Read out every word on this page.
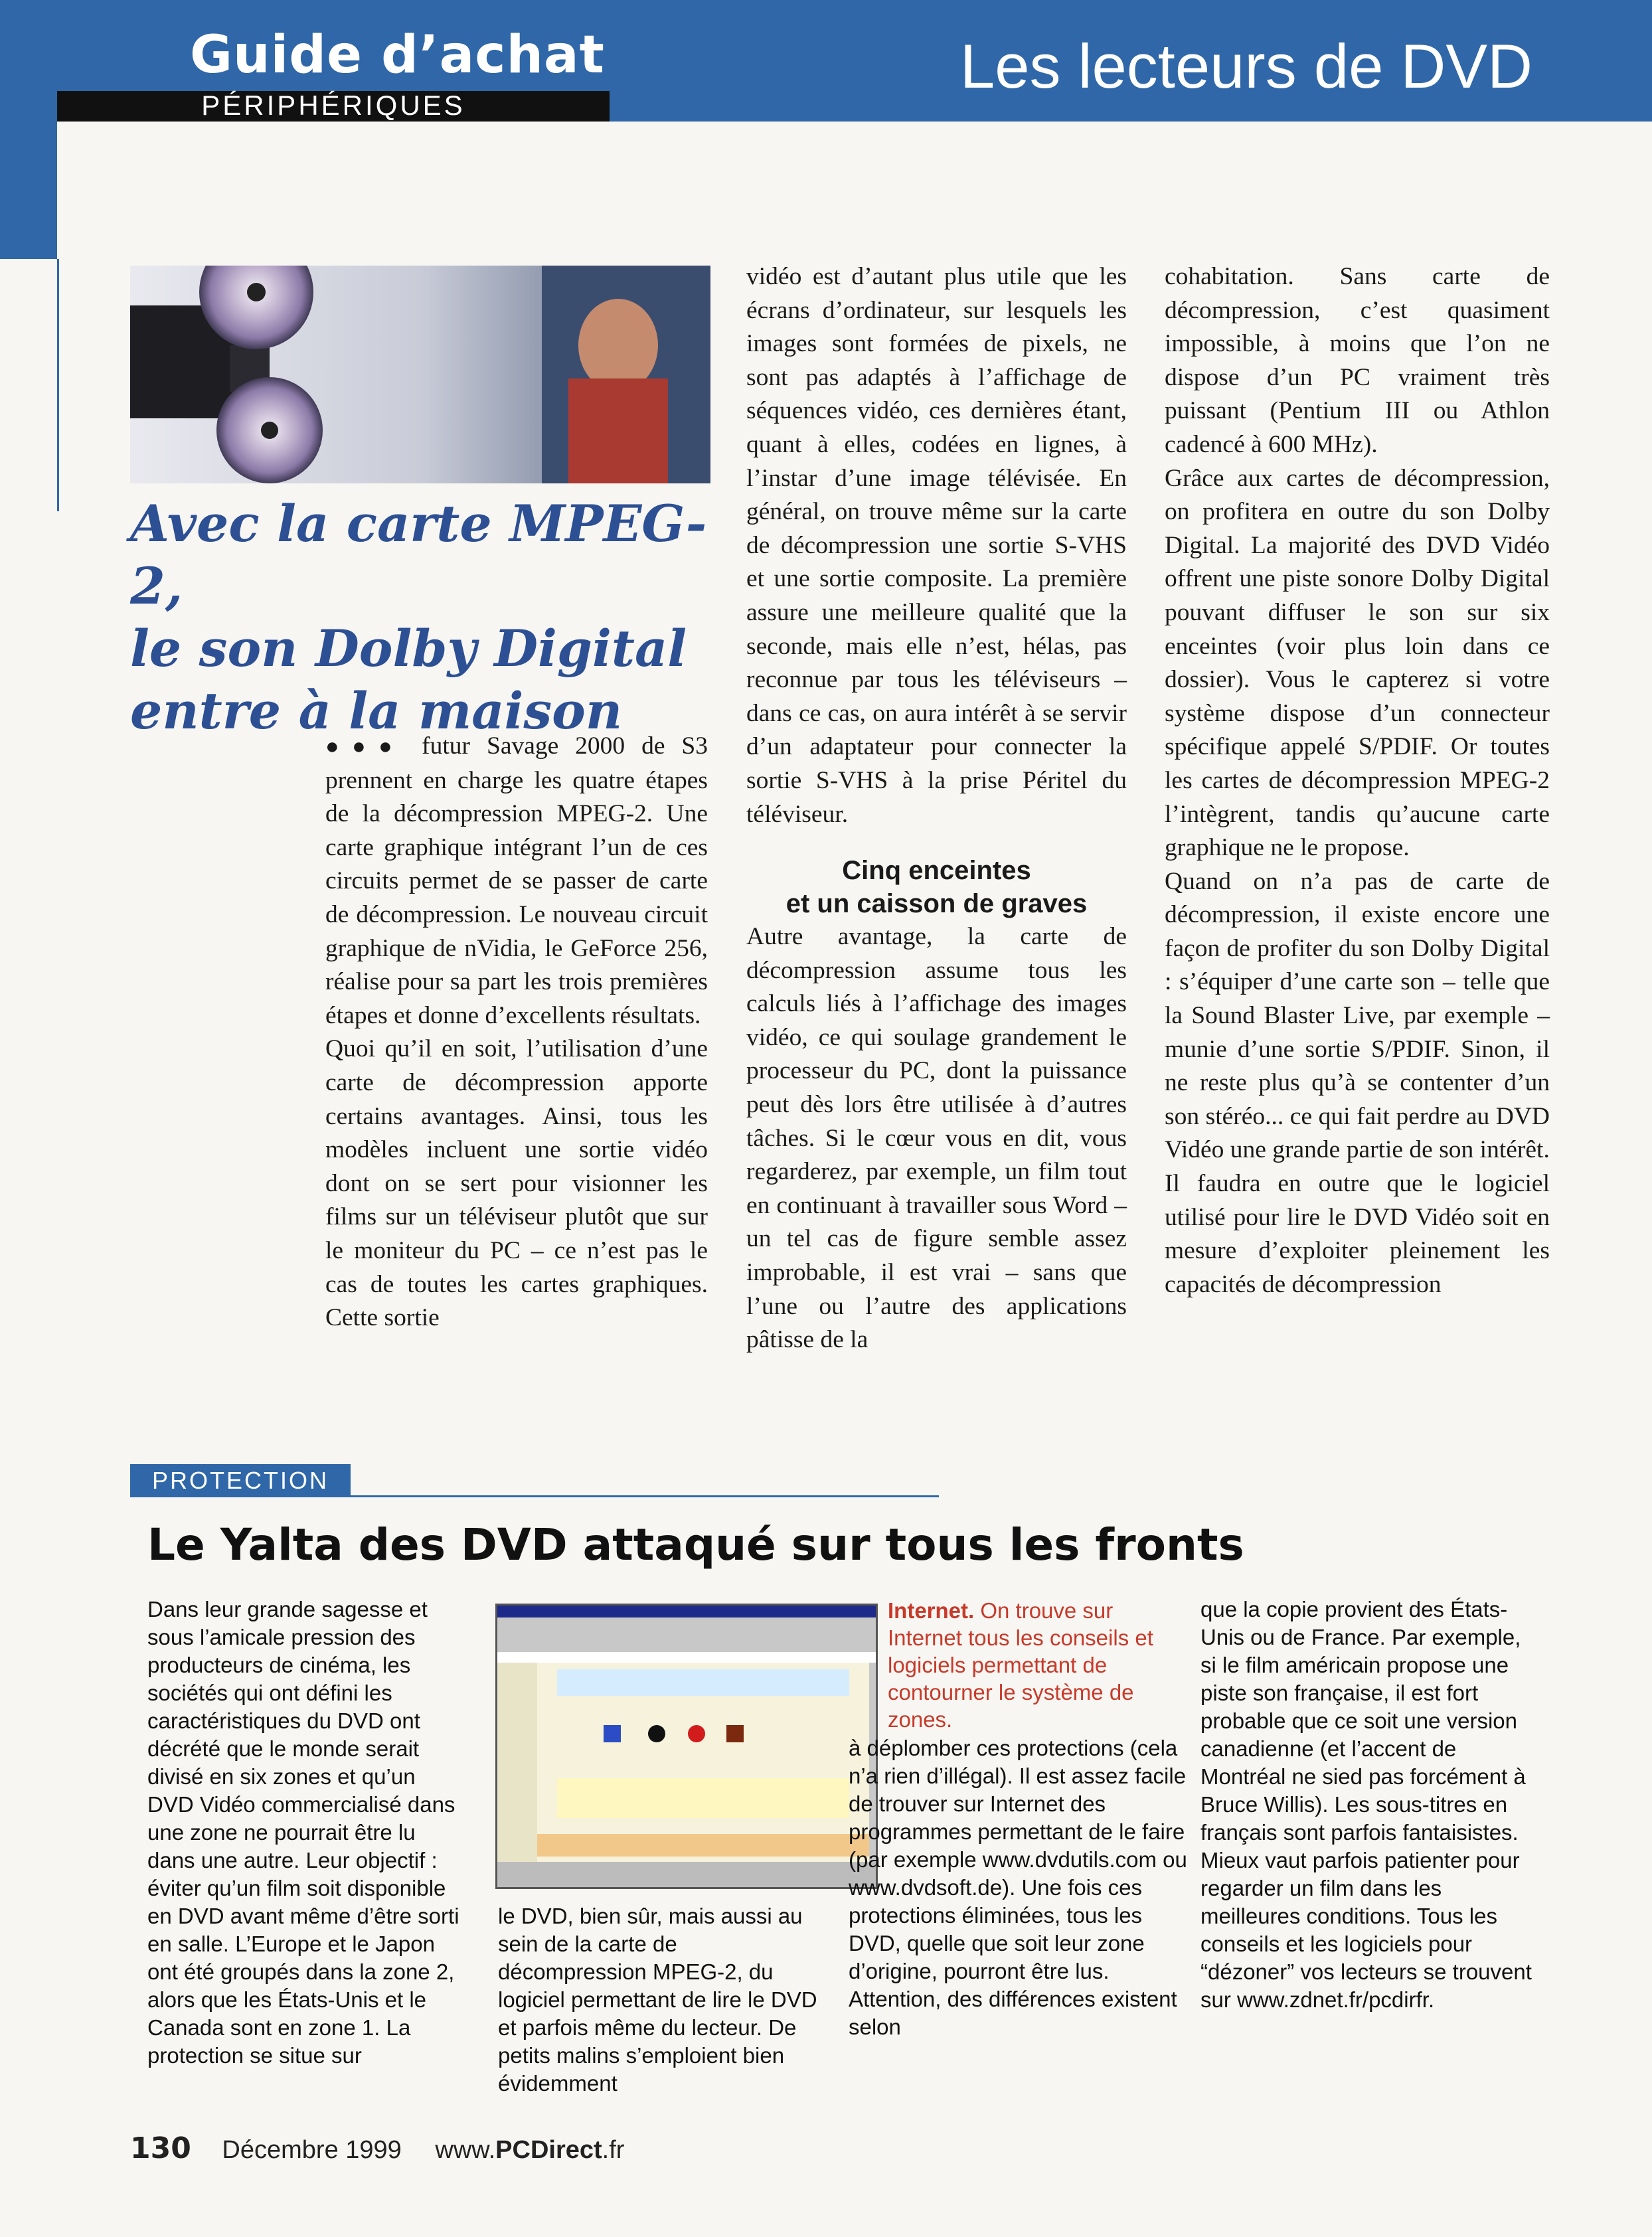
Guide d’achat
PÉRIPHÉRIQUES
Les lecteurs de DVD
Avec la carte MPEG-2,
le son Dolby Digital
entre à la maison

●●● futur Savage 2000 de S3 prennent en charge les quatre étapes de la décompression MPEG-2. Une carte graphique intégrant l’un de ces circuits permet de se passer de carte de décompression. Le nouveau circuit graphique de nVidia, le GeForce 256, réalise pour sa part les trois premières étapes et donne d’excellents résultats.

Quoi qu’il en soit, l’utilisation d’une carte de décompression apporte certains avantages. Ainsi, tous les modèles incluent une sortie vidéo dont on se sert pour visionner les films sur un téléviseur plutôt que sur le moniteur du PC – ce n’est pas le cas de toutes les cartes graphiques. Cette sortie

vidéo est d’autant plus utile que les écrans d’ordinateur, sur lesquels les images sont formées de pixels, ne sont pas adaptés à l’affichage de séquences vidéo, ces dernières étant, quant à elles, codées en lignes, à l’instar d’une image télévisée. En général, on trouve même sur la carte de décompression une sortie S-VHS et une sortie composite. La première assure une meilleure qualité que la seconde, mais elle n’est, hélas, pas reconnue par tous les téléviseurs – dans ce cas, on aura intérêt à se servir d’un adaptateur pour connecter la sortie S-VHS à la prise Péritel du téléviseur.

Cinq enceintes
et un caisson de graves

Autre avantage, la carte de décompression assume tous les calculs liés à l’affichage des images vidéo, ce qui soulage grandement le processeur du PC, dont la puissance peut dès lors être utilisée à d’autres tâches. Si le cœur vous en dit, vous regarderez, par exemple, un film tout en continuant à travailler sous Word – un tel cas de figure semble assez improbable, il est vrai – sans que l’une ou l’autre des applications pâtisse de la

cohabitation. Sans carte de décompression, c’est quasiment impossible, à moins que l’on ne dispose d’un PC vraiment très puissant (Pentium III ou Athlon cadencé à 600 MHz).

Grâce aux cartes de décompression, on profitera en outre du son Dolby Digital. La majorité des DVD Vidéo offrent une piste sonore Dolby Digital pouvant diffuser le son sur six enceintes (voir plus loin dans ce dossier). Vous le capterez si votre système dispose d’un connecteur spécifique appelé S/PDIF. Or toutes les cartes de décompression MPEG-2 l’intègrent, tandis qu’aucune carte graphique ne le propose.

Quand on n’a pas de carte de décompression, il existe encore une façon de profiter du son Dolby Digital : s’équiper d’une carte son – telle que la Sound Blaster Live, par exemple – munie d’une sortie S/PDIF. Sinon, il ne reste plus qu’à se contenter d’un son stéréo... ce qui fait perdre au DVD Vidéo une grande partie de son intérêt.

Il faudra en outre que le logiciel utilisé pour lire le DVD Vidéo soit en mesure d’exploiter pleinement les capacités de décompression

PROTECTION
Le Yalta des DVD attaqué sur tous les fronts

Dans leur grande sagesse et sous l’amicale pression des producteurs de cinéma, les sociétés qui ont défini les caractéristiques du DVD ont décrété que le monde serait divisé en six zones et qu’un DVD Vidéo commercialisé dans une zone ne pourrait être lu dans une autre. Leur objectif : éviter qu’un film soit disponible en DVD avant même d’être sorti en salle. L’Europe et le Japon ont été groupés dans la zone 2, alors que les États-Unis et le Canada sont en zone 1. La protection se situe sur

Internet. On trouve sur Internet tous les conseils et logiciels permettant de contourner le système de zones.

le DVD, bien sûr, mais aussi au sein de la carte de décompression MPEG-2, du logiciel permettant de lire le DVD et parfois même du lecteur. De petits malins s’emploient bien évidemment

à déplomber ces protections (cela n’a rien d’illégal). Il est assez facile de trouver sur Internet des programmes permettant de le faire (par exemple www.dvdutils.com ou www.dvdsoft.de). Une fois ces protections éliminées, tous les DVD, quelle que soit leur zone d’origine, pourront être lus. Attention, des différences existent selon

que la copie provient des États-Unis ou de France. Par exemple, si le film américain propose une piste son française, il est fort probable que ce soit une version canadienne (et l’accent de Montréal ne sied pas forcément à Bruce Willis). Les sous-titres en français sont parfois fantaisistes. Mieux vaut parfois patienter pour regarder un film dans les meilleures conditions. Tous les conseils et les logiciels pour “dézoner” vos lecteurs se trouvent sur www.zdnet.fr/pcdirfr.

130 Décembre 1999 www.PCDirect.fr
